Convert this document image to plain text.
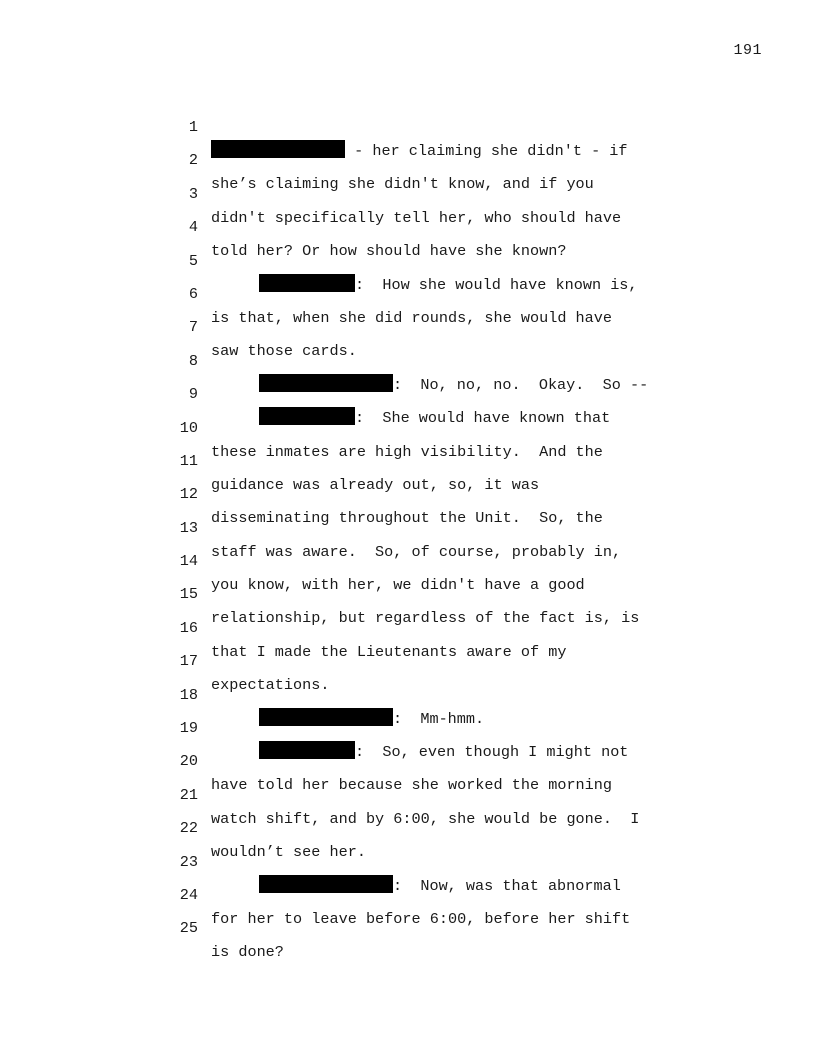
191

1

- her claiming she didn't - if

2

she’s claiming she didn't know, and if you

3

didn't specifically tell her, who should have

4

told her? Or how should have she known?

5

:  How she would have known is,

6

is that, when she did rounds, she would have

7

saw those cards.

8

:  No, no, no.  Okay.  So --

9

:  She would have known that

10

these inmates are high visibility.  And the

11

guidance was already out, so, it was

12

disseminating throughout the Unit.  So, the

13

staff was aware.  So, of course, probably in,

14

you know, with her, we didn't have a good

15

relationship, but regardless of the fact is, is

16

that I made the Lieutenants aware of my

17

expectations.

18

:  Mm-hmm.

19

:  So, even though I might not

20

have told her because she worked the morning

21

watch shift, and by 6:00, she would be gone.  I

22

wouldn’t see her.

23

:  Now, was that abnormal

24

for her to leave before 6:00, before her shift

25

is done?
